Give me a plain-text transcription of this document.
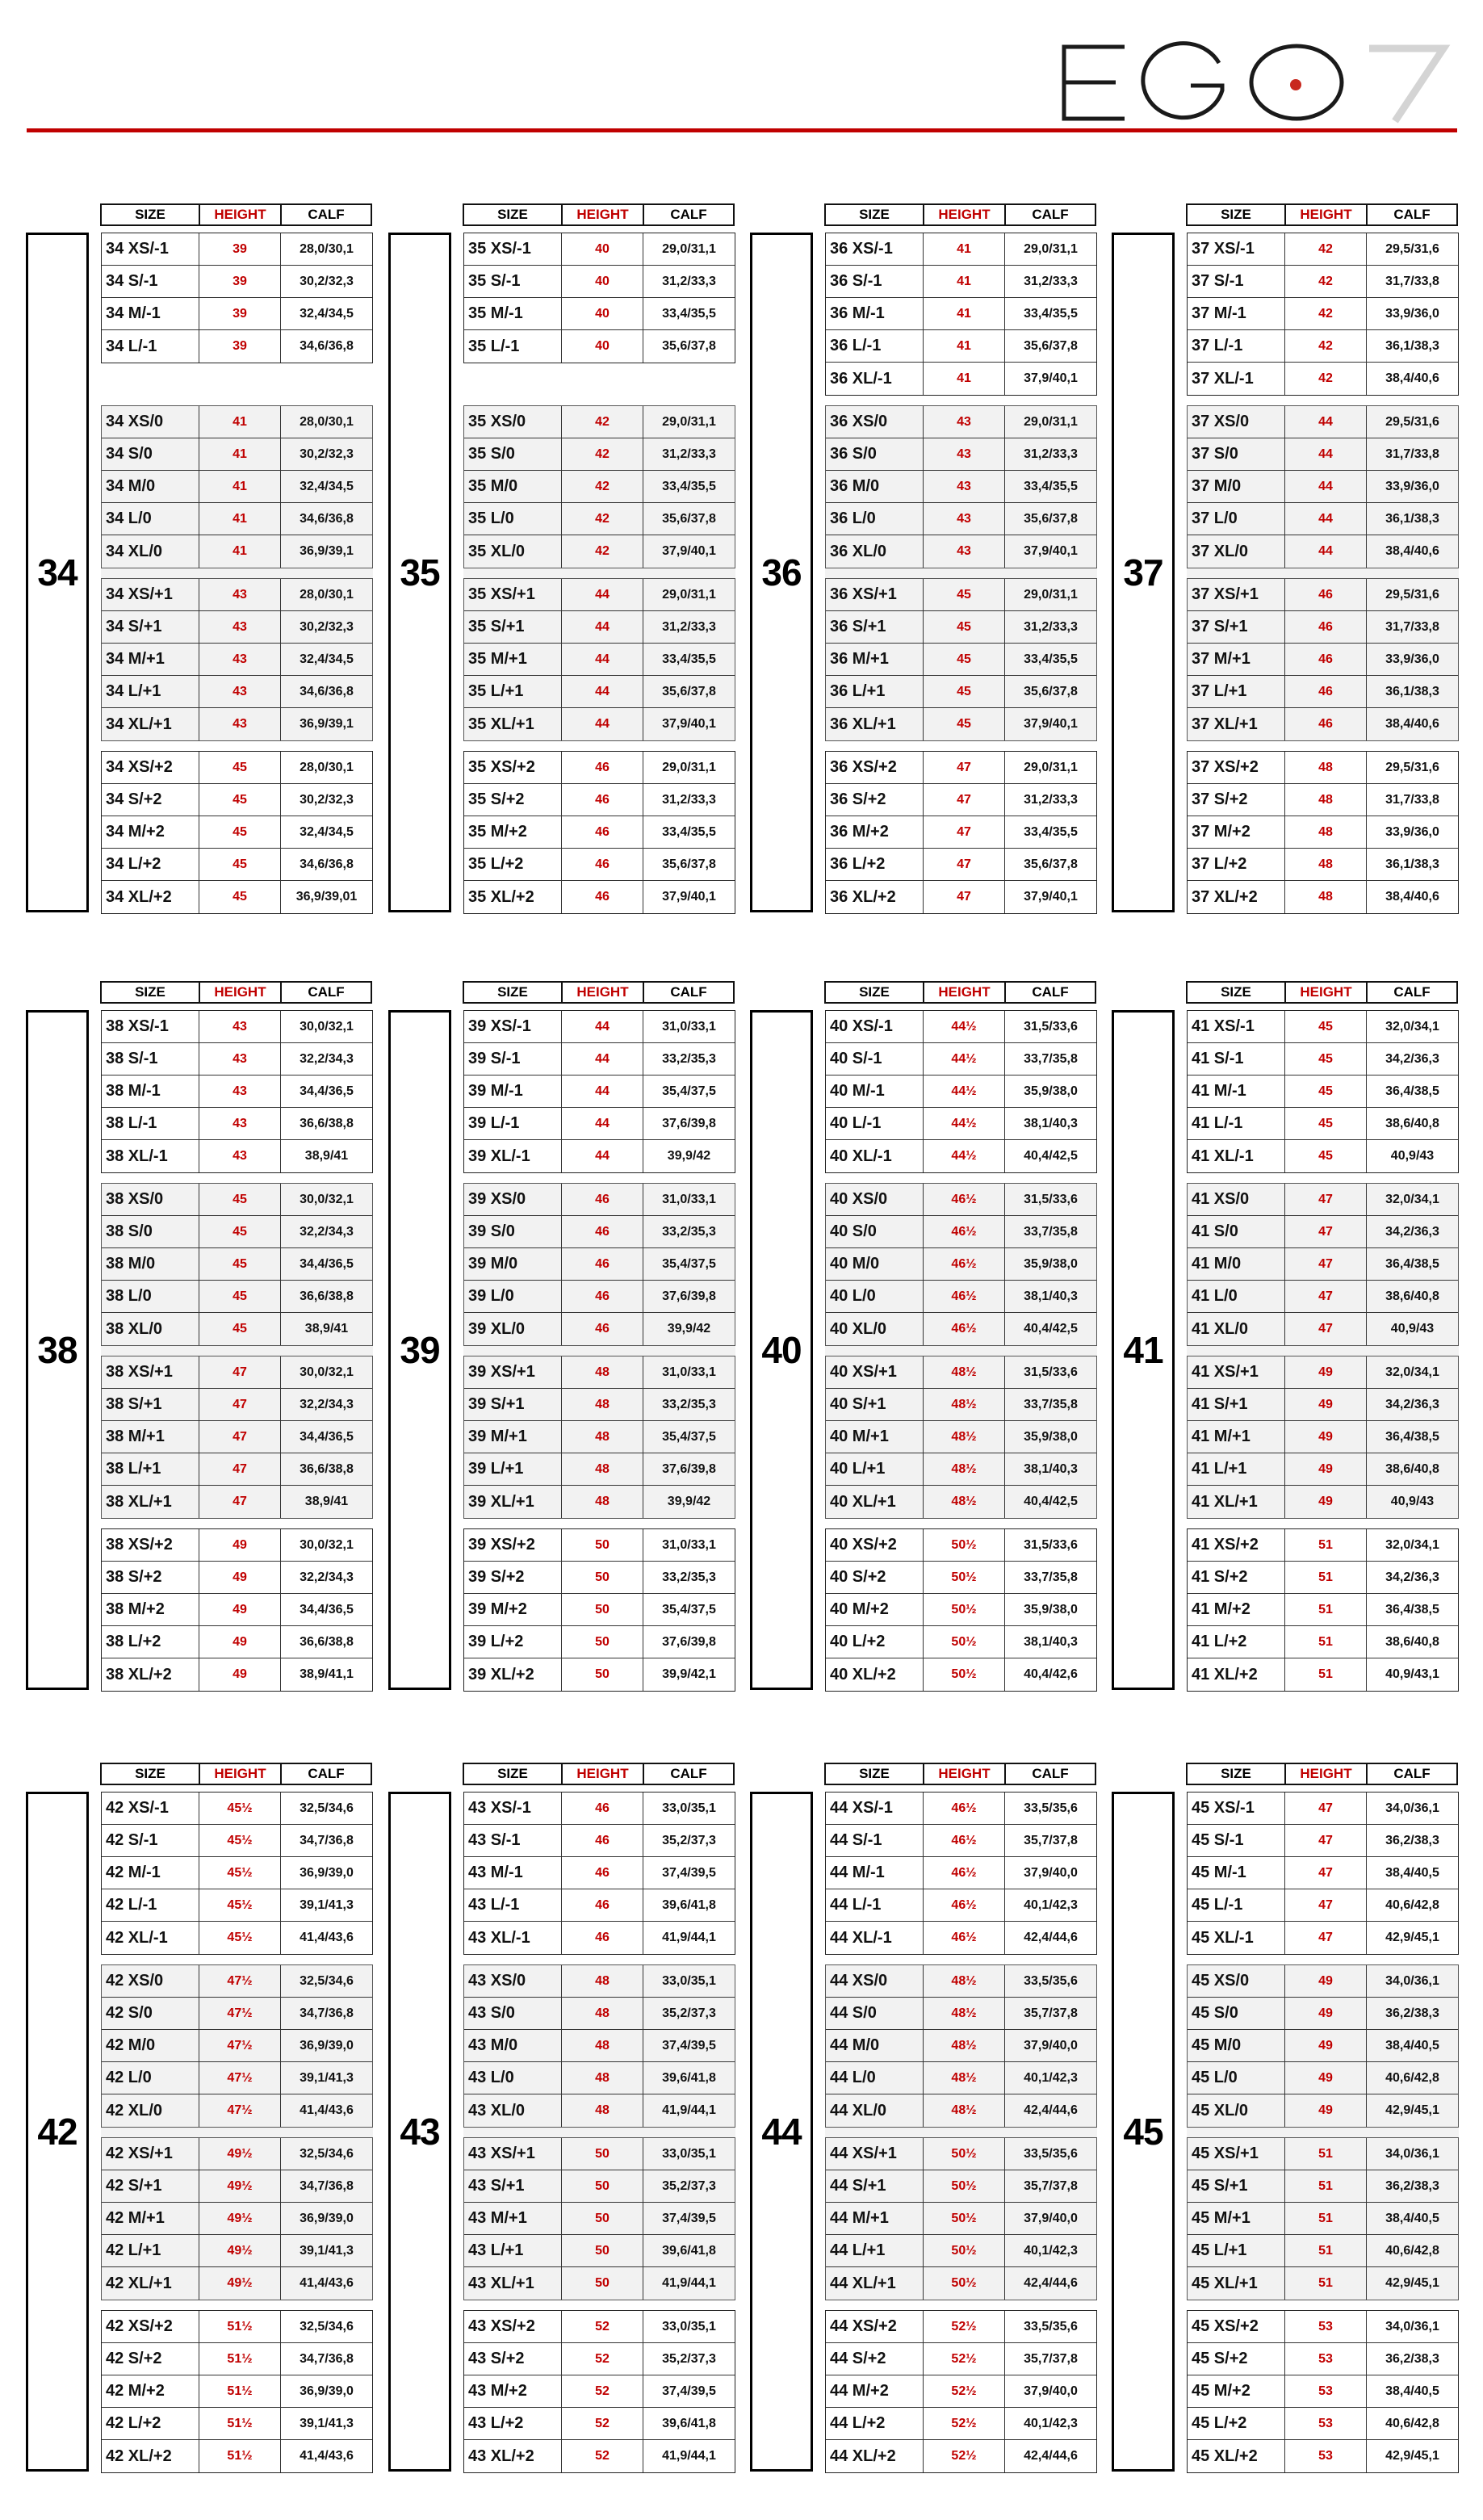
34
SIZE	HEIGHT	CALF
34 XS/-1	39	28,0/30,1
34 S/-1	39	30,2/32,3
34 M/-1	39	32,4/34,5
34 L/-1	39	34,6/36,8
34 XS/0	41	28,0/30,1
34 S/0	41	30,2/32,3
34 M/0	41	32,4/34,5
34 L/0	41	34,6/36,8
34 XL/0	41	36,9/39,1
34 XS/+1	43	28,0/30,1
34 S/+1	43	30,2/32,3
34 M/+1	43	32,4/34,5
34 L/+1	43	34,6/36,8
34 XL/+1	43	36,9/39,1
34 XS/+2	45	28,0/30,1
34 S/+2	45	30,2/32,3
34 M/+2	45	32,4/34,5
34 L/+2	45	34,6/36,8
34 XL/+2	45	36,9/39,01
35
SIZE	HEIGHT	CALF
35 XS/-1	40	29,0/31,1
35 S/-1	40	31,2/33,3
35 M/-1	40	33,4/35,5
35 L/-1	40	35,6/37,8
35 XS/0	42	29,0/31,1
35 S/0	42	31,2/33,3
35 M/0	42	33,4/35,5
35 L/0	42	35,6/37,8
35 XL/0	42	37,9/40,1
35 XS/+1	44	29,0/31,1
35 S/+1	44	31,2/33,3
35 M/+1	44	33,4/35,5
35 L/+1	44	35,6/37,8
35 XL/+1	44	37,9/40,1
35 XS/+2	46	29,0/31,1
35 S/+2	46	31,2/33,3
35 M/+2	46	33,4/35,5
35 L/+2	46	35,6/37,8
35 XL/+2	46	37,9/40,1
36
SIZE	HEIGHT	CALF
36 XS/-1	41	29,0/31,1
36 S/-1	41	31,2/33,3
36 M/-1	41	33,4/35,5
36 L/-1	41	35,6/37,8
36 XL/-1	41	37,9/40,1
36 XS/0	43	29,0/31,1
36 S/0	43	31,2/33,3
36 M/0	43	33,4/35,5
36 L/0	43	35,6/37,8
36 XL/0	43	37,9/40,1
36 XS/+1	45	29,0/31,1
36 S/+1	45	31,2/33,3
36 M/+1	45	33,4/35,5
36 L/+1	45	35,6/37,8
36 XL/+1	45	37,9/40,1
36 XS/+2	47	29,0/31,1
36 S/+2	47	31,2/33,3
36 M/+2	47	33,4/35,5
36 L/+2	47	35,6/37,8
36 XL/+2	47	37,9/40,1
37
SIZE	HEIGHT	CALF
37 XS/-1	42	29,5/31,6
37 S/-1	42	31,7/33,8
37 M/-1	42	33,9/36,0
37 L/-1	42	36,1/38,3
37 XL/-1	42	38,4/40,6
37 XS/0	44	29,5/31,6
37 S/0	44	31,7/33,8
37 M/0	44	33,9/36,0
37 L/0	44	36,1/38,3
37 XL/0	44	38,4/40,6
37 XS/+1	46	29,5/31,6
37 S/+1	46	31,7/33,8
37 M/+1	46	33,9/36,0
37 L/+1	46	36,1/38,3
37 XL/+1	46	38,4/40,6
37 XS/+2	48	29,5/31,6
37 S/+2	48	31,7/33,8
37 M/+2	48	33,9/36,0
37 L/+2	48	36,1/38,3
37 XL/+2	48	38,4/40,6
38
SIZE	HEIGHT	CALF
38 XS/-1	43	30,0/32,1
38 S/-1	43	32,2/34,3
38 M/-1	43	34,4/36,5
38 L/-1	43	36,6/38,8
38 XL/-1	43	38,9/41
38 XS/0	45	30,0/32,1
38 S/0	45	32,2/34,3
38 M/0	45	34,4/36,5
38 L/0	45	36,6/38,8
38 XL/0	45	38,9/41
38 XS/+1	47	30,0/32,1
38 S/+1	47	32,2/34,3
38 M/+1	47	34,4/36,5
38 L/+1	47	36,6/38,8
38 XL/+1	47	38,9/41
38 XS/+2	49	30,0/32,1
38 S/+2	49	32,2/34,3
38 M/+2	49	34,4/36,5
38 L/+2	49	36,6/38,8
38 XL/+2	49	38,9/41,1
39
SIZE	HEIGHT	CALF
39 XS/-1	44	31,0/33,1
39 S/-1	44	33,2/35,3
39 M/-1	44	35,4/37,5
39 L/-1	44	37,6/39,8
39 XL/-1	44	39,9/42
39 XS/0	46	31,0/33,1
39 S/0	46	33,2/35,3
39 M/0	46	35,4/37,5
39 L/0	46	37,6/39,8
39 XL/0	46	39,9/42
39 XS/+1	48	31,0/33,1
39 S/+1	48	33,2/35,3
39 M/+1	48	35,4/37,5
39 L/+1	48	37,6/39,8
39 XL/+1	48	39,9/42
39 XS/+2	50	31,0/33,1
39 S/+2	50	33,2/35,3
39 M/+2	50	35,4/37,5
39 L/+2	50	37,6/39,8
39 XL/+2	50	39,9/42,1
40
SIZE	HEIGHT	CALF
40 XS/-1	44½	31,5/33,6
40 S/-1	44½	33,7/35,8
40 M/-1	44½	35,9/38,0
40 L/-1	44½	38,1/40,3
40 XL/-1	44½	40,4/42,5
40 XS/0	46½	31,5/33,6
40 S/0	46½	33,7/35,8
40 M/0	46½	35,9/38,0
40 L/0	46½	38,1/40,3
40 XL/0	46½	40,4/42,5
40 XS/+1	48½	31,5/33,6
40 S/+1	48½	33,7/35,8
40 M/+1	48½	35,9/38,0
40 L/+1	48½	38,1/40,3
40 XL/+1	48½	40,4/42,5
40 XS/+2	50½	31,5/33,6
40 S/+2	50½	33,7/35,8
40 M/+2	50½	35,9/38,0
40 L/+2	50½	38,1/40,3
40 XL/+2	50½	40,4/42,6
41
SIZE	HEIGHT	CALF
41 XS/-1	45	32,0/34,1
41 S/-1	45	34,2/36,3
41 M/-1	45	36,4/38,5
41 L/-1	45	38,6/40,8
41 XL/-1	45	40,9/43
41 XS/0	47	32,0/34,1
41 S/0	47	34,2/36,3
41 M/0	47	36,4/38,5
41 L/0	47	38,6/40,8
41 XL/0	47	40,9/43
41 XS/+1	49	32,0/34,1
41 S/+1	49	34,2/36,3
41 M/+1	49	36,4/38,5
41 L/+1	49	38,6/40,8
41 XL/+1	49	40,9/43
41 XS/+2	51	32,0/34,1
41 S/+2	51	34,2/36,3
41 M/+2	51	36,4/38,5
41 L/+2	51	38,6/40,8
41 XL/+2	51	40,9/43,1
42
SIZE	HEIGHT	CALF
42 XS/-1	45½	32,5/34,6
42 S/-1	45½	34,7/36,8
42 M/-1	45½	36,9/39,0
42 L/-1	45½	39,1/41,3
42 XL/-1	45½	41,4/43,6
42 XS/0	47½	32,5/34,6
42 S/0	47½	34,7/36,8
42 M/0	47½	36,9/39,0
42 L/0	47½	39,1/41,3
42 XL/0	47½	41,4/43,6
42 XS/+1	49½	32,5/34,6
42 S/+1	49½	34,7/36,8
42 M/+1	49½	36,9/39,0
42 L/+1	49½	39,1/41,3
42 XL/+1	49½	41,4/43,6
42 XS/+2	51½	32,5/34,6
42 S/+2	51½	34,7/36,8
42 M/+2	51½	36,9/39,0
42 L/+2	51½	39,1/41,3
42 XL/+2	51½	41,4/43,6
43
SIZE	HEIGHT	CALF
43 XS/-1	46	33,0/35,1
43 S/-1	46	35,2/37,3
43 M/-1	46	37,4/39,5
43 L/-1	46	39,6/41,8
43 XL/-1	46	41,9/44,1
43 XS/0	48	33,0/35,1
43 S/0	48	35,2/37,3
43 M/0	48	37,4/39,5
43 L/0	48	39,6/41,8
43 XL/0	48	41,9/44,1
43 XS/+1	50	33,0/35,1
43 S/+1	50	35,2/37,3
43 M/+1	50	37,4/39,5
43 L/+1	50	39,6/41,8
43 XL/+1	50	41,9/44,1
43 XS/+2	52	33,0/35,1
43 S/+2	52	35,2/37,3
43 M/+2	52	37,4/39,5
43 L/+2	52	39,6/41,8
43 XL/+2	52	41,9/44,1
44
SIZE	HEIGHT	CALF
44 XS/-1	46½	33,5/35,6
44 S/-1	46½	35,7/37,8
44 M/-1	46½	37,9/40,0
44 L/-1	46½	40,1/42,3
44 XL/-1	46½	42,4/44,6
44 XS/0	48½	33,5/35,6
44 S/0	48½	35,7/37,8
44 M/0	48½	37,9/40,0
44 L/0	48½	40,1/42,3
44 XL/0	48½	42,4/44,6
44 XS/+1	50½	33,5/35,6
44 S/+1	50½	35,7/37,8
44 M/+1	50½	37,9/40,0
44 L/+1	50½	40,1/42,3
44 XL/+1	50½	42,4/44,6
44 XS/+2	52½	33,5/35,6
44 S/+2	52½	35,7/37,8
44 M/+2	52½	37,9/40,0
44 L/+2	52½	40,1/42,3
44 XL/+2	52½	42,4/44,6
45
SIZE	HEIGHT	CALF
45 XS/-1	47	34,0/36,1
45 S/-1	47	36,2/38,3
45 M/-1	47	38,4/40,5
45 L/-1	47	40,6/42,8
45 XL/-1	47	42,9/45,1
45 XS/0	49	34,0/36,1
45 S/0	49	36,2/38,3
45 M/0	49	38,4/40,5
45 L/0	49	40,6/42,8
45 XL/0	49	42,9/45,1
45 XS/+1	51	34,0/36,1
45 S/+1	51	36,2/38,3
45 M/+1	51	38,4/40,5
45 L/+1	51	40,6/42,8
45 XL/+1	51	42,9/45,1
45 XS/+2	53	34,0/36,1
45 S/+2	53	36,2/38,3
45 M/+2	53	38,4/40,5
45 L/+2	53	40,6/42,8
45 XL/+2	53	42,9/45,1
